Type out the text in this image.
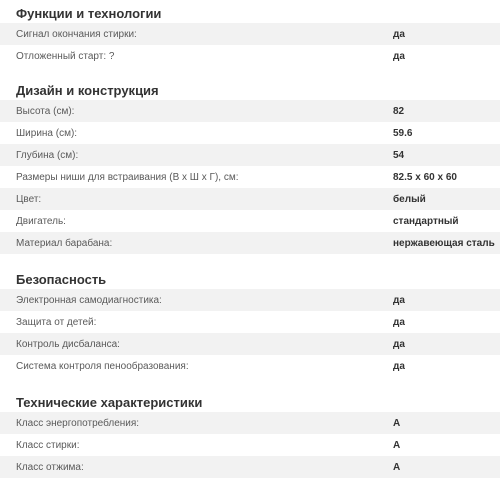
Функции и технологии
Сигнал окончания стирки:	да
Отложенный старт: ?	да
Дизайн и конструкция
Высота (см):	82
Ширина (см):	59.6
Глубина (см):	54
Размеры ниши для встраивания (В х Ш х Г), см:	82.5 x 60 x 60
Цвет:	белый
Двигатель:	стандартный
Материал барабана:	нержавеющая сталь
Безопасность
Электронная самодиагностика:	да
Защита от детей:	да
Контроль дисбаланса:	да
Система контроля пенообразования:	да
Технические характеристики
Класс энергопотребления:	A
Класс стирки:	A
Класс отжима:	A
